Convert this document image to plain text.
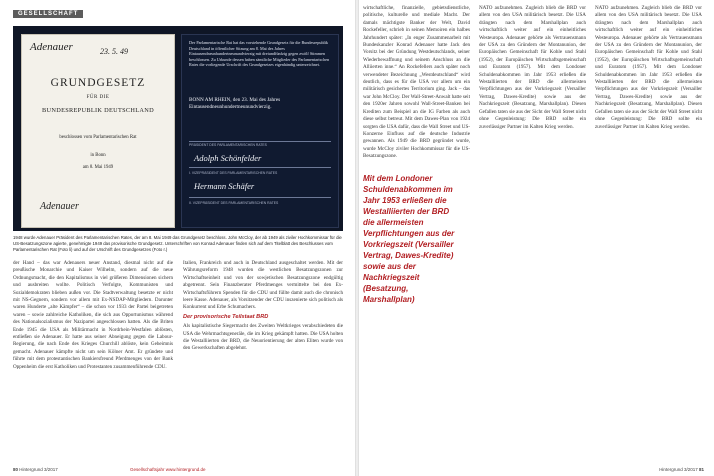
GESELLSCHAFT
Adenauer	23. 5. 49
GRUNDGESETZ
FÜR DIE
BUNDESREPUBLIK DEUTSCHLAND
beschlossen vom Parlamentarischen Rat
in Bonn
am 8. Mai 1949
Adenauer
Der Parlamentarische Rat hat das vorstehende Grundgesetz für die Bundesrepublik Deutschland in öffentlicher Sitzung am 8. Mai des Jahres Eintausendneunhundertneunundvierzig mit dreiundfünfzig gegen zwölf Stimmen beschlossen. Zu Urkunde dessen haben sämtliche Mitglieder des Parlamentarischen Rates die vorliegende Urschrift des Grundgesetzes eigenhändig unterzeichnet.
BONN AM RHEIN, den 23. Mai des Jahres Eintausendneunhundertneunundvierzig.
PRÄSIDENT DES PARLAMENTARISCHEN RATES
Adolph Schönfelder
I. VIZEPRÄSIDENT DES PARLAMENTARISCHEN RATES
Hermann Schäfer
II. VIZEPRÄSIDENT DES PARLAMENTARISCHEN RATES
1948 wurde Adenauer Präsident des Parlamentarischen Rates, der am 8. Mai 1949 das Grundgesetz beschloss. John McCloy, der ab 1949 als ziviler Hochkommissar für die US-Besatzungszone agierte, genehmigte 1949 das provisorische Grundgesetz. Unterschriften von Konrad Adenauer finden sich auf dem Titelblatt des Beschlusses vom Parlamentarischen Rat (Foto li) und auf der Urschrift des Grundgesetzes (Foto r.)
der Hand – das war Adenauers neuer Anstand, diesmal nicht auf die preußische Monarchie und Kaiser Wilhelm, sondern auf die neue Ordnungsmacht, die den Kapitalismus in viel größeren Dimensionen sichern und ausbreiten wollte. Politisch Verfolgte, Kommunisten und Sozialdemokraten blieben außen vor. Die Stadtverwaltung besetzte er nicht mit NS-Gegnern, sondern vor allem mit Ex-NSDAP-Mitgliedern. Darunter waren Hunderte „alte Kämpfer“ – die schon vor 1933 der Partei beigetreten waren – sowie zahlreiche Katholiken, die sich aus Opportunismus während des Nationalsozialismus der Nazipartei angeschlossen hatten. Als die Briten Ende 1945 die USA als Militärmacht in Nordrhein-Westfalen ablösten, entließen sie Adenauer. Er hatte aus seiner Abneigung gegen die Labour-Regierung, die nach Ende des Krieges Churchill ablöste, kein Geheimnis gemacht. Adenauer kämpfte nicht um sein Kölner Amt. Er gründete und führte mit dem protestantischen Bankiersfreund Pferdmenges von der Bank Oppenheim die erst Katholiken und Protestanten zusammenführende CDU.
Italien, Frankreich und auch in Deutschland ausgeschaltet werden. Mit der Währungsreform 1948 wurden die westlichen Besatzungszonen zur Wirtschaftseinheit und von der sowjetischen Besatzungszone endgültig abgetrennt. Sein Finanzberater Pferdmenges vermittelte bei den Ex-Wirtschaftsführern Spenden für die CDU und füllte damit auch die chronisch leere Kasse. Adenauer, als Vorsitzender der CDU inszenierte sich politisch als Konkurrent und Erbe Schumachers.
Der provisorische Teilstaat BRD
Als kapitalistische Siegermacht des Zweiten Weltkrieges verabschiedeten die USA die Wehrmachtsgeneräle, die im Krieg gekämpft hatten. Die USA holten die Westalliierten der BRD, die Neuorientierung der alten Eliten wurde von den Gewerkschaften abgelehnt.
80 Hintergrund 3/2017	Gesellschaftsjahr www.hintergrund.de
wirtschaftliche, finanzielle, gebietsdienstliche, politische, kulturelle und mediale Macht. Der damals mächtigste Banker der Welt, David Rockefeller, schrieb in seinen Memoiren ein halbes Jahrhundert später: „In enger Zusammenarbeit mit Bundeskanzler Konrad Adenauer hatte Jack den Vorsitz bei der Gründung Westdeutschlands, seiner Wiederbewaffnung und seinem Anschluss an die Alliierten inne.“ An Rockefellers auch später noch verwendeter Bezeichnung „Westdeutschland“ wird deutlich, dass es für die USA vor allem um ein militärisch gesichertes Territorium ging. Jack – das war John McCloy. Der Wall-Street-Anwalt hatte seit den 1920er Jahren sowohl Wall-Street-Banken bei Krediten zum Beispiel an die IG Farben als auch diese selbst betreut. Mit dem Dawes-Plan von 1924 sorgten die USA dafür, dass die Wall Street und US-Konzerne Einfluss auf die deutsche Industrie gewannen. Als 1949 die BRD gegründet wurde, wurde McCloy ziviler Hochkommissar für die US-Besatzungszone.
Mit dem Londoner Schuldenabkommen im Jahr 1953 erließen die Westalliierten der BRD die allermeisten Verpflichtungen aus der Vorkriegszeit (Versailler Vertrag, Dawes-Kredite) sowie aus der Nachkriegszeit (Besatzung, Marshallplan)
NATO aufzunehmen. Zugleich blieb die BRD vor allem von den USA militärisch besetzt. Die USA drängten nach dem Marshallplan auch wirtschaftlich weiter auf ein einheitliches Westeuropa. Adenauer gehörte als Vertrauensmann der USA zu den Gründern der Montanunion, der Europäischen Gemeinschaft für Kohle und Stahl (1952), der Europäischen Wirtschaftsgemeinschaft und Euratom (1957). Mit dem Londoner Schuldenabkommen im Jahr 1953 erließen die Westalliierten der BRD die allermeisten Verpflichtungen aus der Vorkriegszeit (Versailler Vertrag, Dawes-Kredite) sowie aus der Nachkriegszeit (Besatzung, Marshallplan). Diesen Gefallen taten sie aus der Sicht der Wall Street nicht ohne Gegenleistung: Die BRD sollte ein zuverlässiger Partner im Kalten Krieg werden.
NATO aufzunehmen. Zugleich blieb die BRD vor allem von den USA militärisch besetzt. Die USA drängten nach dem Marshallplan auch wirtschaftlich weiter auf ein einheitliches Westeuropa. Adenauer gehörte als Vertrauensmann der USA zu den Gründern der Montanunion, der Europäischen Gemeinschaft für Kohle und Stahl (1952), der Europäischen Wirtschaftsgemeinschaft und Euratom (1957). Mit dem Londoner Schuldenabkommen im Jahr 1953 erließen die Westalliierten der BRD die allermeisten Verpflichtungen aus der Vorkriegszeit (Versailler Vertrag, Dawes-Kredite) sowie aus der Nachkriegszeit (Besatzung, Marshallplan). Diesen Gefallen taten sie aus der Sicht der Wall Street nicht ohne Gegenleistung: Die BRD sollte ein zuverlässiger Partner im Kalten Krieg werden.
Hintergrund 3/2017 81
